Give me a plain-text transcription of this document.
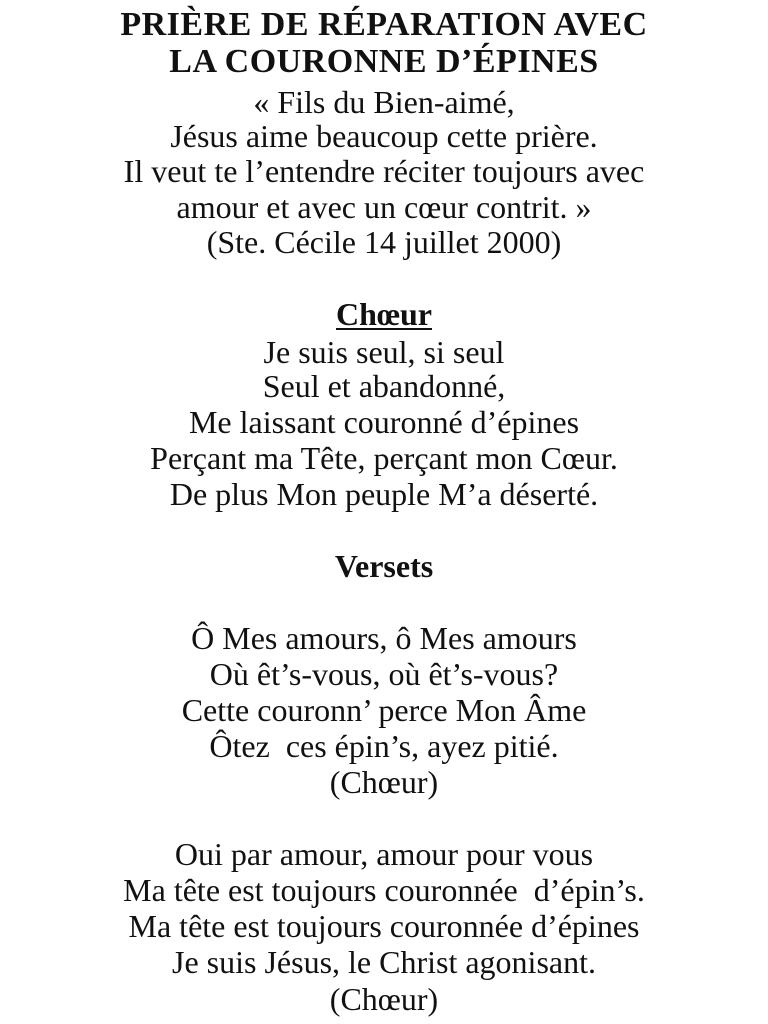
PRIÈRE DE RÉPARATION AVEC
LA COURONNE D’ÉPINES
« Fils du Bien-aimé,
Jésus aime beaucoup cette prière.
Il veut te l’entendre réciter toujours avec
amour et avec un cœur contrit. »
(Ste. Cécile 14 juillet 2000)
Chœur
Je suis seul, si seul
Seul et abandonné,
Me laissant couronné d’épines
Perçant ma Tête, perçant mon Cœur.
De plus Mon peuple M’a déserté.
Versets
Ô Mes amours, ô Mes amours
Où êt’s-vous, où êt’s-vous?
Cette couronn’ perce Mon Âme
Ôtez  ces épin’s, ayez pitié.
(Chœur)
Oui par amour, amour pour vous
Ma tête est toujours couronnée  d’épin’s.
Ma tête est toujours couronnée d’épines
Je suis Jésus, le Christ agonisant.
(Chœur)
